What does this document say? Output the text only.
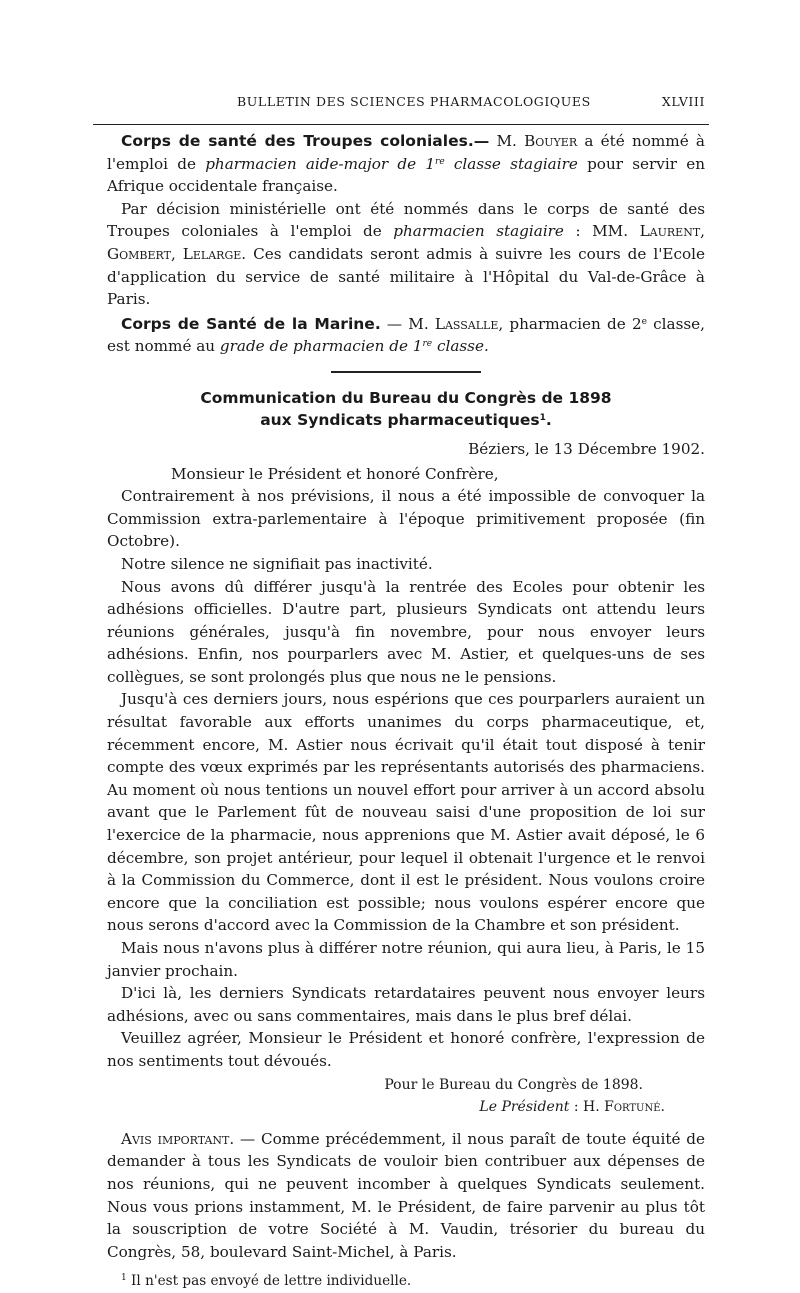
BULLETIN DES SCIENCES PHARMACOLOGIQUES	XLVIII

Corps de santé des Troupes coloniales.— M. Bouyer a été nommé à l'emploi de pharmacien aide-major de 1re classe stagiaire pour servir en Afrique occidentale française.

Par décision ministérielle ont été nommés dans le corps de santé des Troupes coloniales à l'emploi de pharmacien stagiaire : MM. Laurent, Gombert, Lelarge. Ces candidats seront admis à suivre les cours de l'Ecole d'application du service de santé militaire à l'Hôpital du Val-de-Grâce à Paris.

Corps de Santé de la Marine. — M. Lassalle, pharmacien de 2e classe, est nommé au grade de pharmacien de 1re classe.

Communication du Bureau du Congrès de 1898
aux Syndicats pharmaceutiques$^1$.

Béziers, le 13 Décembre 1902.

Monsieur le Président et honoré Confrère,

Contrairement à nos prévisions, il nous a été impossible de convoquer la Commission extra-parlementaire à l'époque primitivement proposée (fin Octobre).

Notre silence ne signifiait pas inactivité.

Nous avons dû différer jusqu'à la rentrée des Ecoles pour obtenir les adhésions officielles. D'autre part, plusieurs Syndicats ont attendu leurs réunions générales, jusqu'à fin novembre, pour nous envoyer leurs adhésions. Enfin, nos pourparlers avec M. Astier, et quelques-uns de ses collègues, se sont prolongés plus que nous ne le pensions.

Jusqu'à ces derniers jours, nous espérions que ces pourparlers auraient un résultat favorable aux efforts unanimes du corps pharmaceutique, et, récemment encore, M. Astier nous écrivait qu'il était tout disposé à tenir compte des vœux exprimés par les représentants autorisés des pharmaciens. Au moment où nous tentions un nouvel effort pour arriver à un accord absolu avant que le Parlement fût de nouveau saisi d'une proposition de loi sur l'exercice de la pharmacie, nous apprenions que M. Astier avait déposé, le 6 décembre, son projet antérieur, pour lequel il obtenait l'urgence et le renvoi à la Commission du Commerce, dont il est le président. Nous voulons croire encore que la conciliation est possible; nous voulons espérer encore que nous serons d'accord avec la Commission de la Chambre et son président.

Mais nous n'avons plus à différer notre réunion, qui aura lieu, à Paris, le 15 janvier prochain.

D'ici là, les derniers Syndicats retardataires peuvent nous envoyer leurs adhésions, avec ou sans commentaires, mais dans le plus bref délai.

Veuillez agréer, Monsieur le Président et honoré confrère, l'expression de nos sentiments tout dévoués.

Pour le Bureau du Congrès de 1898.

Le Président : H. Fortuné.

Avis important. — Comme précédemment, il nous paraît de toute équité de demander à tous les Syndicats de vouloir bien contribuer aux dépenses de nos réunions, qui ne peuvent incomber à quelques Syndicats seulement. Nous vous prions instamment, M. le Président, de faire parvenir au plus tôt la souscription de votre Société à M. Vaudin, trésorier du bureau du Congrès, 58, boulevard Saint-Michel, à Paris.

$^1$ Il n'est pas envoyé de lettre individuelle.
